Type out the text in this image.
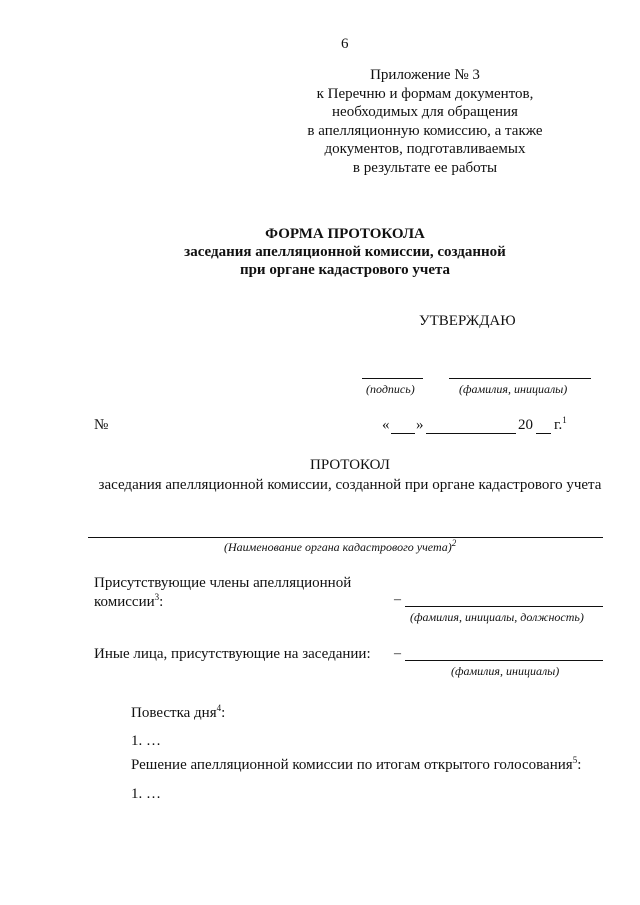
6
Приложение № 3
к Перечню и формам документов,
необходимых для обращения
в апелляционную комиссию, а также
документов, подготавливаемых
в результате ее работы
ФОРМА ПРОТОКОЛА
заседания апелляционной комиссии, созданной
при органе кадастрового учета
УТВЕРЖДАЮ
(подпись)	(фамилия, инициалы)
№	« »	20 г.$^1$
ПРОТОКОЛ
заседания апелляционной комиссии, созданной при органе кадастрового учета
(Наименование органа кадастрового учета)$^2$
Присутствующие члены апелляционной
комиссии$^3$:	–
(фамилия, инициалы, должность)
Иные лица, присутствующие на заседании: –
(фамилия, инициалы)
Повестка дня$^4$:
1. …
Решение апелляционной комиссии по итогам открытого голосования$^5$:
1. …
